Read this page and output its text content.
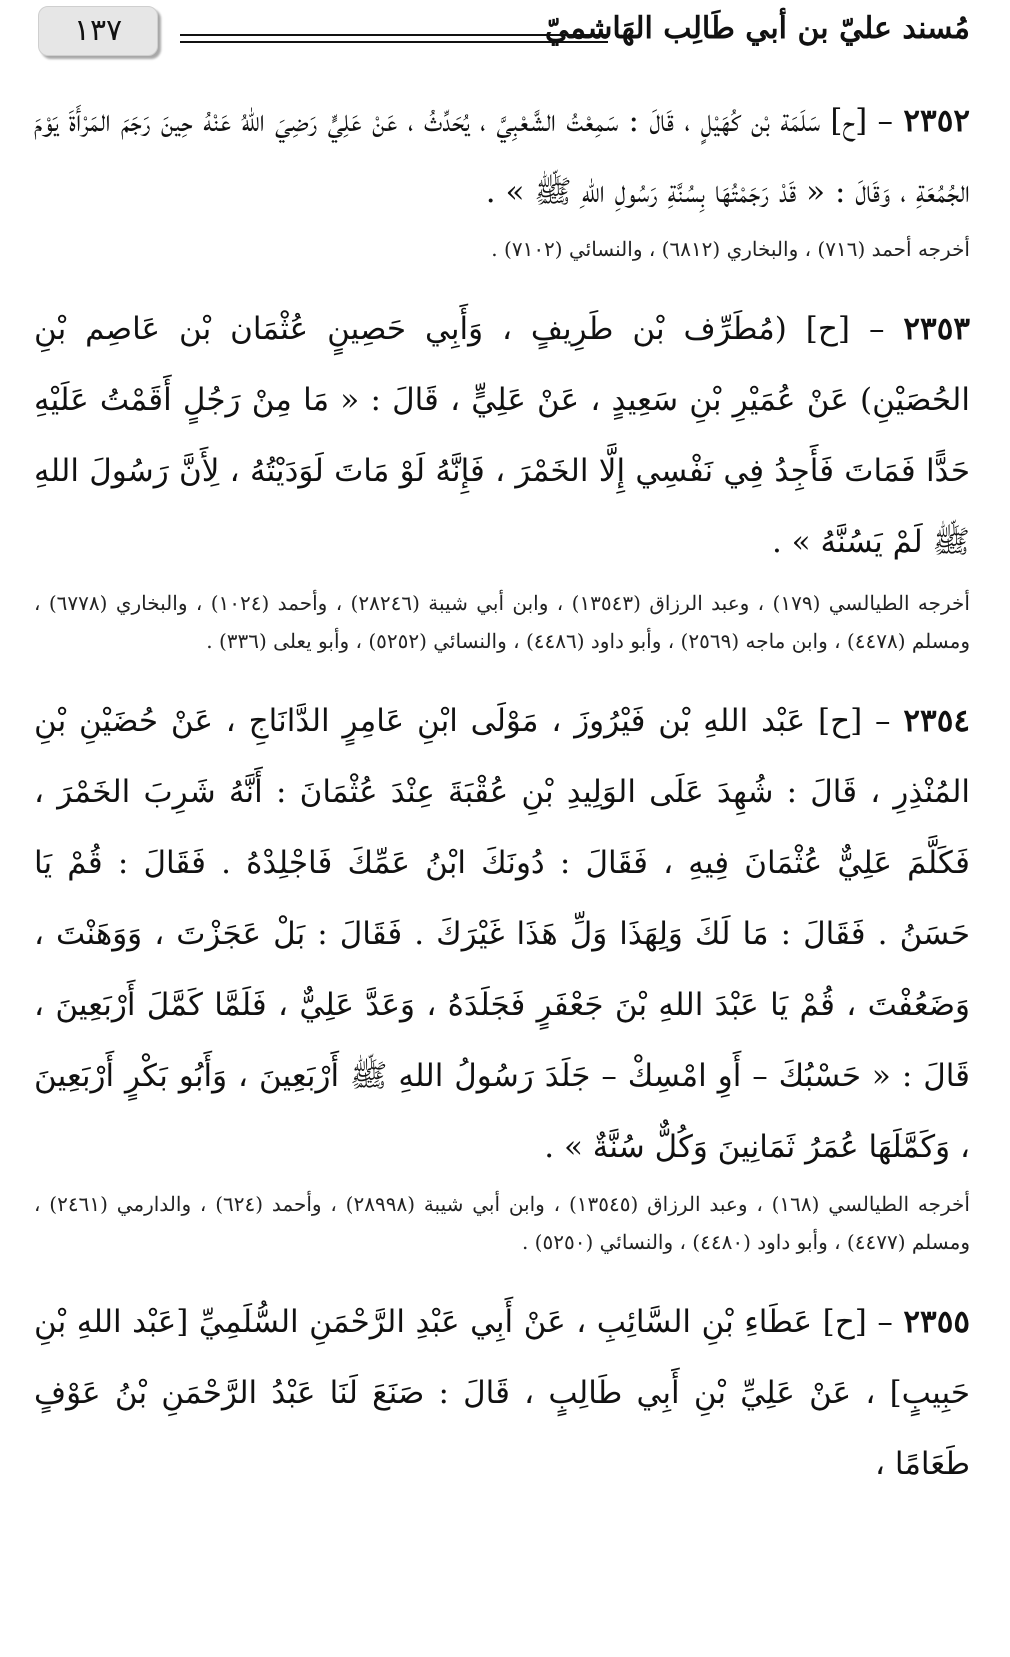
١٣٧	مُسند عليّ بن أبي طَالِب الهَاشميّ

٢٣٥٢ – [ح] سَلَمَة بْن كُهَيْلٍ ، قَالَ : سَمِعْتُ الشَّعْبِيَّ ، يُحَدِّثُ ، عَنْ عَلِيٍّ رَضِيَ اللهُ عَنْهُ حِينَ رَجَمَ المَرْأَةَ يَوْمَ الجُمُعَةِ ، وَقَالَ : « قَدْ رَجَمْتُهَا بِسُنَّةِ رَسُولِ اللهِ ﷺ » .

أخرجه أحمد (٧١٦) ، والبخاري (٦٨١٢) ، والنسائي (٧١٠٢) .

٢٣٥٣ – [ح] (مُطَرِّف بْن طَرِيفٍ ، وَأَبِي حَصِينٍ عُثْمَان بْن عَاصِم بْنِ الحُصَيْنِ) عَنْ عُمَيْرِ بْنِ سَعِيدٍ ، عَنْ عَلِيٍّ ، قَالَ : « مَا مِنْ رَجُلٍ أَقَمْتُ عَلَيْهِ حَدًّا فَمَاتَ فَأَجِدُ فِي نَفْسِي إِلَّا الخَمْرَ ، فَإِنَّهُ لَوْ مَاتَ لَوَدَيْتُهُ ، لِأَنَّ رَسُولَ اللهِ ﷺ لَمْ يَسُنَّهُ » .

أخرجه الطيالسي (١٧٩) ، وعبد الرزاق (١٣٥٤٣) ، وابن أبي شيبة (٢٨٢٤٦) ، وأحمد (١٠٢٤) ، والبخاري (٦٧٧٨) ، ومسلم (٤٤٧٨) ، وابن ماجه (٢٥٦٩) ، وأبو داود (٤٤٨٦) ، والنسائي (٥٢٥٢) ، وأبو يعلى (٣٣٦) .

٢٣٥٤ – [ح] عَبْد اللهِ بْن فَيْرُوزَ ، مَوْلَى ابْنِ عَامِرٍ الدَّانَاجِ ، عَنْ حُضَيْنِ بْنِ المُنْذِرِ ، قَالَ : شُهِدَ عَلَى الوَلِيدِ بْنِ عُقْبَةَ عِنْدَ عُثْمَانَ : أَنَّهُ شَرِبَ الخَمْرَ ، فَكَلَّمَ عَلِيٌّ عُثْمَانَ فِيهِ ، فَقَالَ : دُونَكَ ابْنُ عَمِّكَ فَاجْلِدْهُ . فَقَالَ : قُمْ يَا حَسَنُ . فَقَالَ : مَا لَكَ وَلِهَذَا وَلِّ هَذَا غَيْرَكَ . فَقَالَ : بَلْ عَجَزْتَ ، وَوَهَنْتَ ، وَضَعُفْتَ ، قُمْ يَا عَبْدَ اللهِ بْنَ جَعْفَرٍ فَجَلَدَهُ ، وَعَدَّ عَلِيٌّ ، فَلَمَّا كَمَّلَ أَرْبَعِينَ ، قَالَ : « حَسْبُكَ – أَوِ امْسِكْ – جَلَدَ رَسُولُ اللهِ ﷺ أَرْبَعِينَ ، وَأَبُو بَكْرٍ أَرْبَعِينَ ، وَكَمَّلَهَا عُمَرُ ثَمَانِينَ وَكُلٌّ سُنَّةٌ » .

أخرجه الطيالسي (١٦٨) ، وعبد الرزاق (١٣٥٤٥) ، وابن أبي شيبة (٢٨٩٩٨) ، وأحمد (٦٢٤) ، والدارمي (٢٤٦١) ، ومسلم (٤٤٧٧) ، وأبو داود (٤٤٨٠) ، والنسائي (٥٢٥٠) .

٢٣٥٥ – [ح] عَطَاءِ بْنِ السَّائِبِ ، عَنْ أَبِي عَبْدِ الرَّحْمَنِ السُّلَمِيِّ [عَبْد اللهِ بْنِ حَبِيبٍ] ، عَنْ عَلِيِّ بْنِ أَبِي طَالِبٍ ، قَالَ : صَنَعَ لَنَا عَبْدُ الرَّحْمَنِ بْنُ عَوْفٍ طَعَامًا ،
